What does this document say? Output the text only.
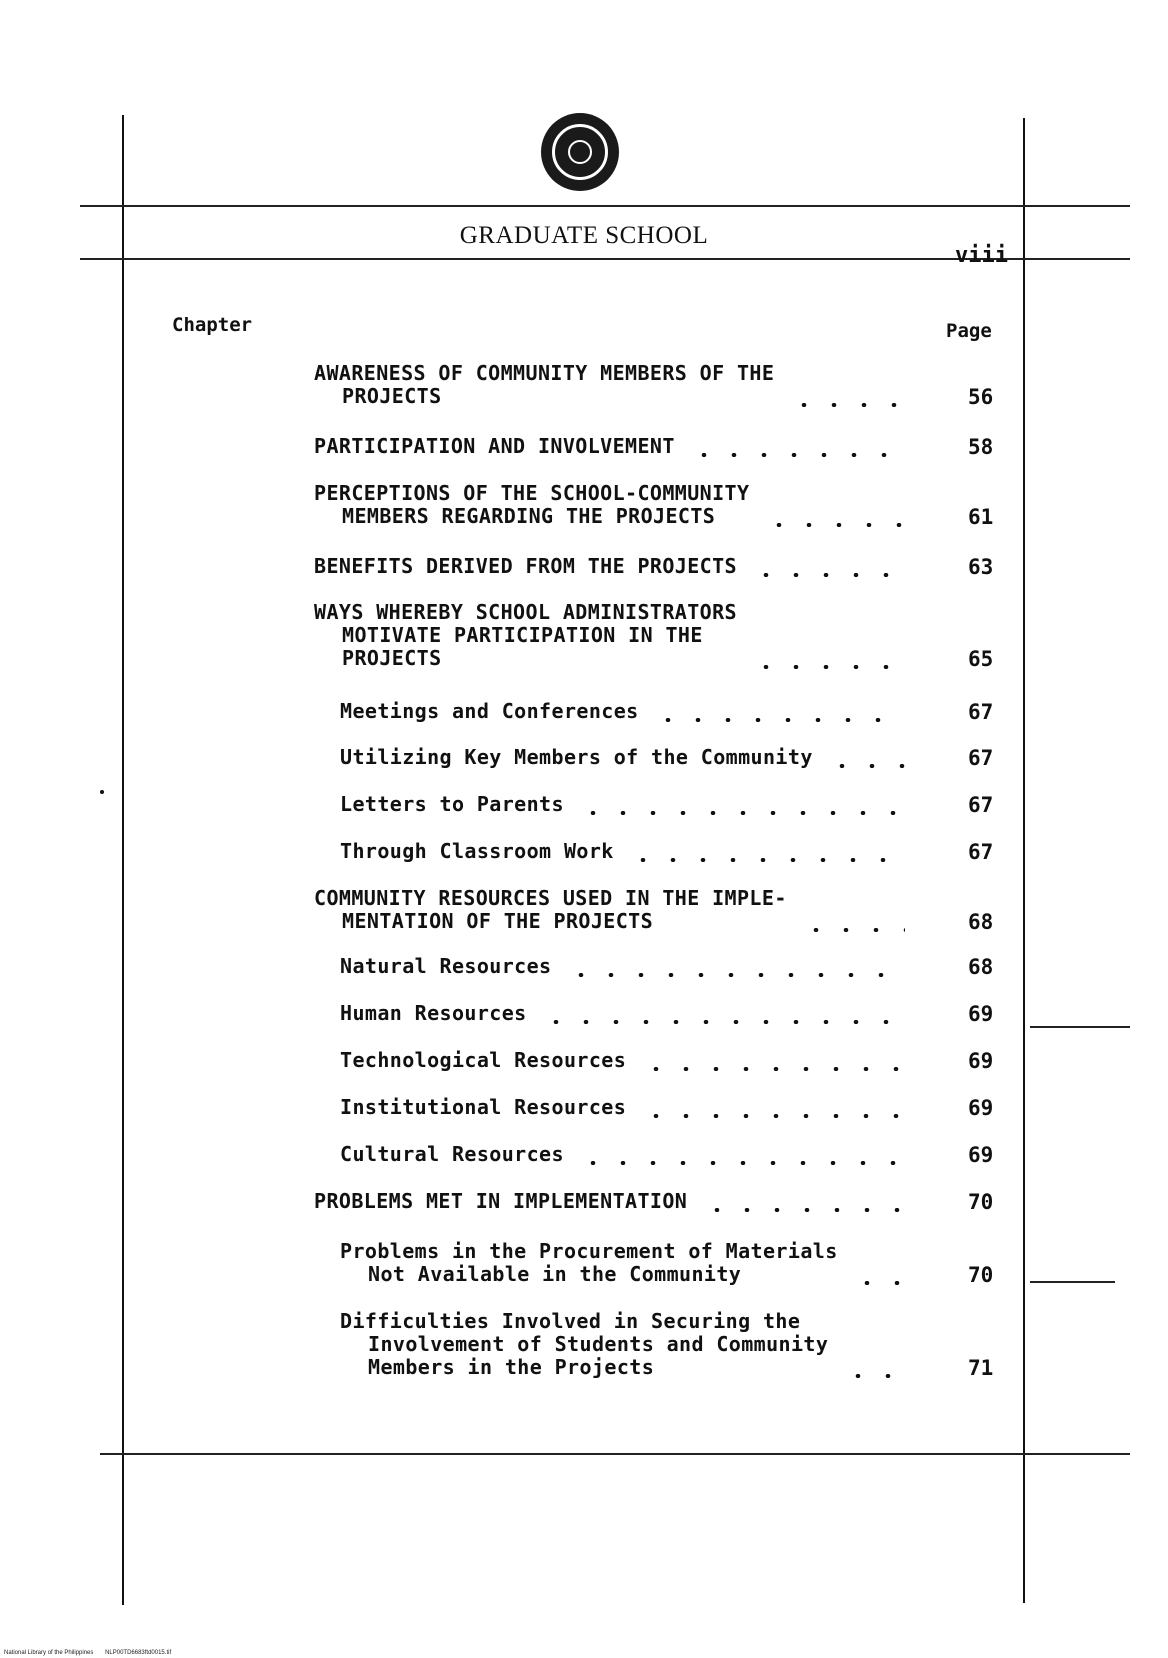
GRADUATE SCHOOL
viii
Chapter	Page
AWARENESS OF COMMUNITY MEMBERS OF THE
PROJECTS	56
PARTICIPATION AND INVOLVEMENT	58
PERCEPTIONS OF THE SCHOOL-COMMUNITY
MEMBERS REGARDING THE PROJECTS	61
BENEFITS DERIVED FROM THE PROJECTS	63
WAYS WHEREBY SCHOOL ADMINISTRATORS
MOTIVATE PARTICIPATION IN THE
PROJECTS	65
Meetings and Conferences	67
Utilizing Key Members of the Community	67
Letters to Parents	67
Through Classroom Work	67
COMMUNITY RESOURCES USED IN THE IMPLE-
MENTATION OF THE PROJECTS	68
Natural Resources	68
Human Resources	69
Technological Resources	69
Institutional Resources	69
Cultural Resources	69
PROBLEMS MET IN IMPLEMENTATION	70
Problems in the Procurement of Materials
Not Available in the Community	70
Difficulties Involved in Securing the
Involvement of Students and Community
Members in the Projects	71
National Library of the Philippines NLP00TD6683ftd0015.tif
